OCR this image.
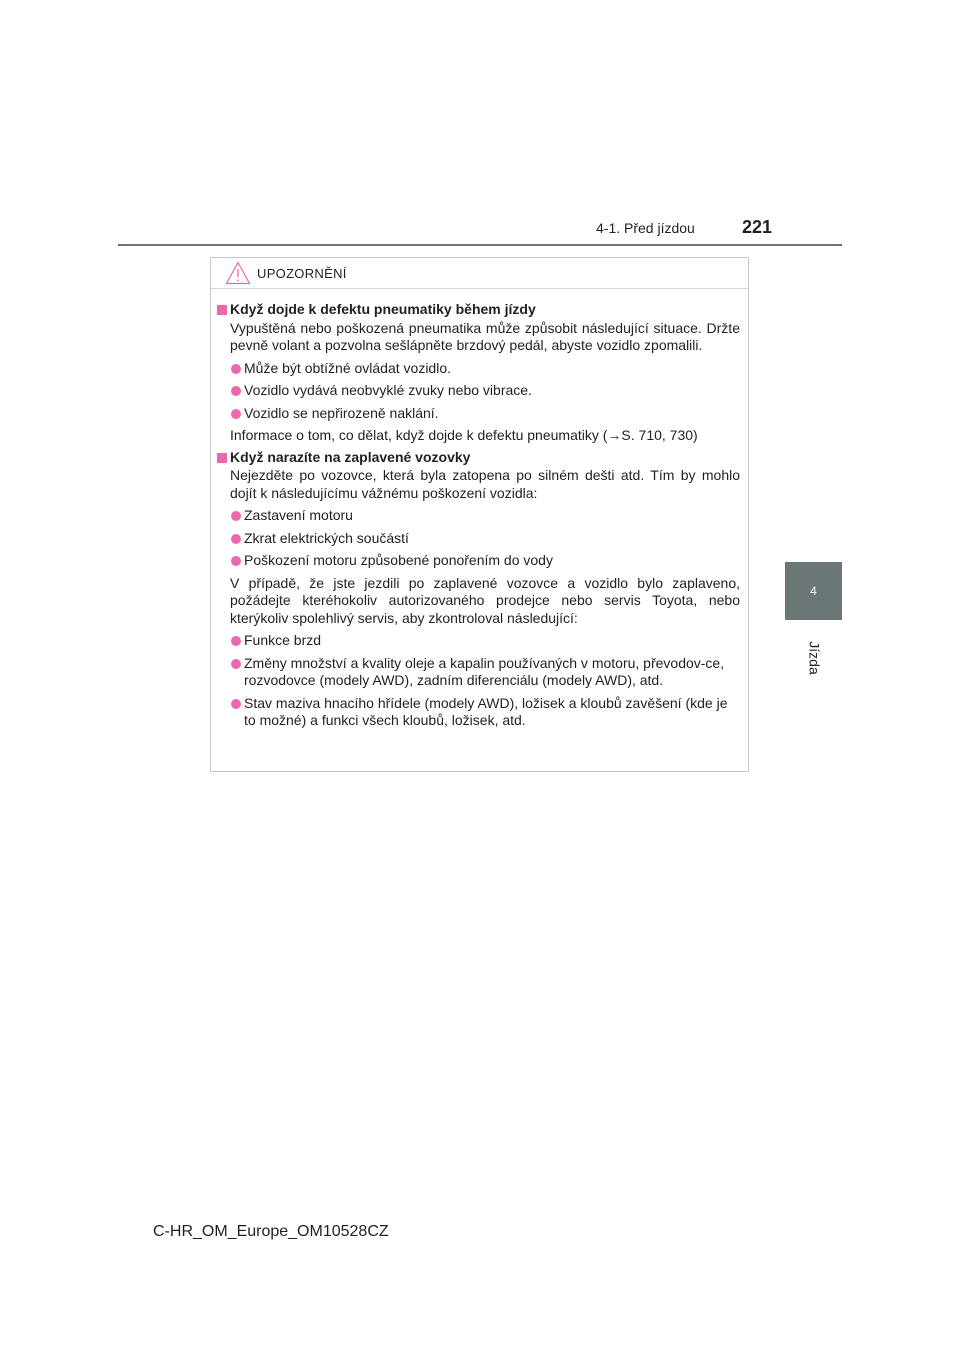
4-1. Před jízdou	221
4
Jízda
UPOZORNĚNÍ
Když dojde k defektu pneumatiky během jízdy
Vypuštěná nebo poškozená pneumatika může způsobit následující situace. Držte pevně volant a pozvolna sešlápněte brzdový pedál, abyste vozidlo zpomalili.
Může být obtížné ovládat vozidlo.
Vozidlo vydává neobvyklé zvuky nebo vibrace.
Vozidlo se nepřirozeně naklání.
Informace o tom, co dělat, když dojde k defektu pneumatiky (→S. 710, 730)
Když narazíte na zaplavené vozovky
Nejezděte po vozovce, která byla zatopena po silném dešti atd. Tím by mohlo dojít k následujícímu vážnému poškození vozidla:
Zastavení motoru
Zkrat elektrických součástí
Poškození motoru způsobené ponořením do vody
V případě, že jste jezdili po zaplavené vozovce a vozidlo bylo zaplaveno, požádejte kteréhokoliv autorizovaného prodejce nebo servis Toyota, nebo kterýkoliv spolehlivý servis, aby zkontroloval následující:
Funkce brzd
Změny množství a kvality oleje a kapalin používaných v motoru, převodov-ce, rozvodovce (modely AWD), zadním diferenciálu (modely AWD), atd.
Stav maziva hnacího hřídele (modely AWD), ložisek a kloubů zavěšení (kde je to možné) a funkci všech kloubů, ložisek, atd.
C-HR_OM_Europe_OM10528CZ
